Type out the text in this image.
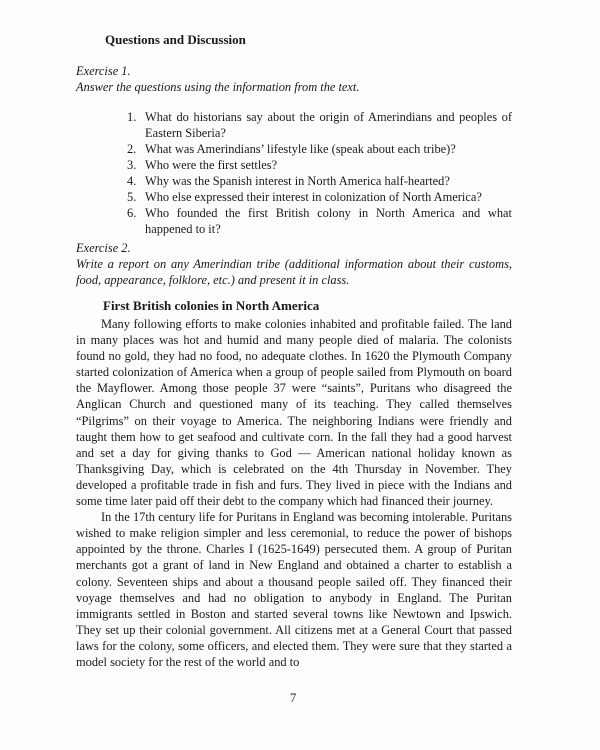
Questions and Discussion
Exercise 1.
Answer the questions using the information from the text.
1. What do historians say about the origin of Amerindians and peoples of Eastern Siberia?
2. What was Amerindians’ lifestyle like (speak about each tribe)?
3. Who were the first settles?
4. Why was the Spanish interest in North America half-hearted?
5. Who else expressed their interest in colonization of North America?
6. Who founded the first British colony in North America and what happened to it?
Exercise 2.
Write a report on any Amerindian tribe (additional information about their customs, food, appearance, folklore, etc.) and present it in class.
First British colonies in North America

Many following efforts to make colonies inhabited and profitable failed. The land in many places was hot and humid and many people died of malaria. The colonists found no gold, they had no food, no adequate clothes. In 1620 the Plymouth Company started colonization of America when a group of people sailed from Plymouth on board the Mayflower. Among those people 37 were “saints”, Puritans who disagreed the Anglican Church and questioned many of its teaching. They called themselves “Pilgrims” on their voyage to America. The neighboring Indians were friendly and taught them how to get seafood and cultivate corn. In the fall they had a good harvest and set a day for giving thanks to God — American national holiday known as Thanksgiving Day, which is celebrated on the 4th Thursday in November. They developed a profitable trade in fish and furs. They lived in piece with the Indians and some time later paid off their debt to the company which had financed their journey.

In the 17th century life for Puritans in England was becoming intolerable. Puritans wished to make religion simpler and less ceremonial, to reduce the power of bishops appointed by the throne. Charles I (1625-1649) persecuted them. A group of Puritan merchants got a grant of land in New England and obtained a charter to establish a colony. Seventeen ships and about a thousand people sailed off. They financed their voyage themselves and had no obligation to anybody in England. The Puritan immigrants settled in Boston and started several towns like Newtown and Ipswich. They set up their colonial government. All citizens met at a General Court that passed laws for the colony, some officers, and elected them. They were sure that they started a model society for the rest of the world and to

7
